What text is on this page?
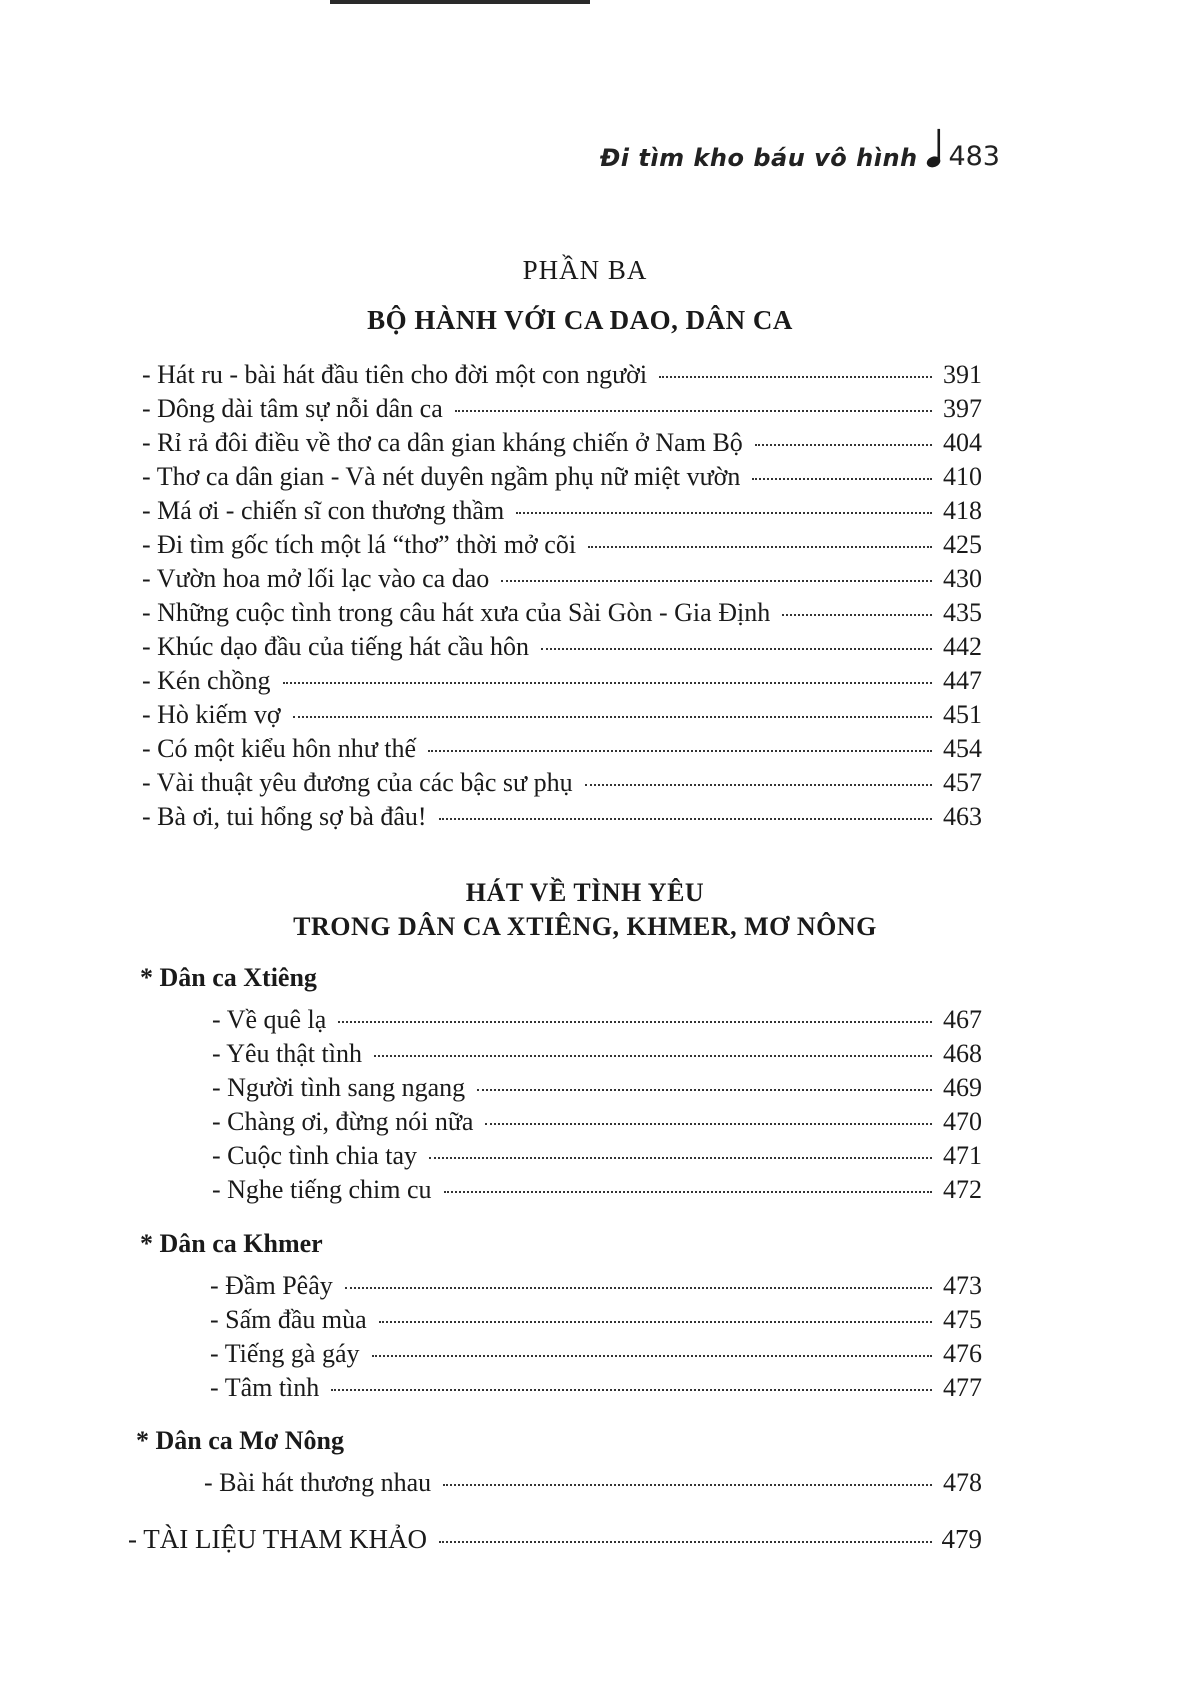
Đi tìm kho báu vô hình 483
PHẦN BA
BỘ HÀNH VỚI CA DAO, DÂN CA
- Hát ru - bài hát đầu tiên cho đời một con người	391
- Dông dài tâm sự nỗi dân ca	397
- Rỉ rả đôi điều về thơ ca dân gian kháng chiến ở Nam Bộ	404
- Thơ ca dân gian - Và nét duyên ngầm phụ nữ miệt vườn	410
- Má ơi - chiến sĩ con thương thầm	418
- Đi tìm gốc tích một lá “thơ” thời mở cõi	425
- Vườn hoa mở lối lạc vào ca dao	430
- Những cuộc tình trong câu hát xưa của Sài Gòn - Gia Định	435
- Khúc dạo đầu của tiếng hát cầu hôn	442
- Kén chồng	447
- Hò kiếm vợ	451
- Có một kiểu hôn như thế	454
- Vài thuật yêu đương của các bậc sư phụ	457
- Bà ơi, tui hổng sợ bà đâu!	463
HÁT VỀ TÌNH YÊU
TRONG DÂN CA XTIÊNG, KHMER, MƠ NÔNG
* Dân ca Xtiêng
- Về quê lạ	467
- Yêu thật tình	468
- Người tình sang ngang	469
- Chàng ơi, đừng nói nữa	470
- Cuộc tình chia tay	471
- Nghe tiếng chim cu	472
* Dân ca Khmer
- Đầm Pêây	473
- Sấm đầu mùa	475
- Tiếng gà gáy	476
- Tâm tình	477
* Dân ca Mơ Nông
- Bài hát thương nhau	478
- TÀI LIỆU THAM KHẢO	479
